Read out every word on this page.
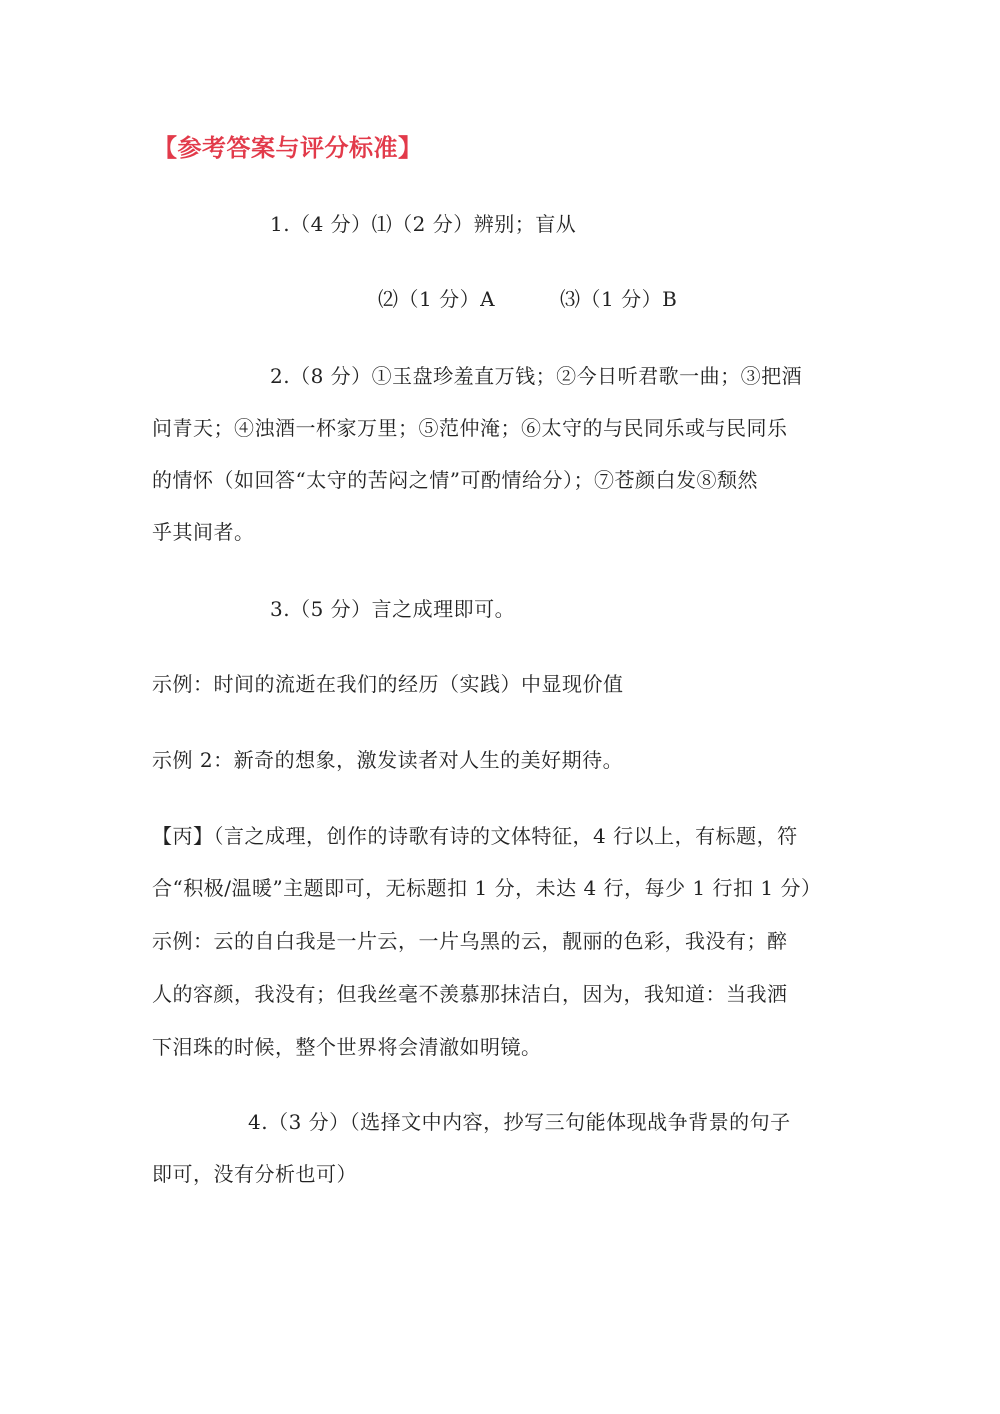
【参考答案与评分标准】
1.（4 分）⑴（2 分）辨别；盲从
⑵（1 分）A	⑶（1 分）B
2.（8 分）①玉盘珍羞直万钱；②今日听君歌一曲；③把酒
问青天；④浊酒一杯家万里；⑤范仲淹；⑥太守的与民同乐或与民同乐
的情怀（如回答“太守的苦闷之情”可酌情给分）；⑦苍颜白发⑧颓然
乎其间者。
3.（5 分）言之成理即可。
示例：时间的流逝在我们的经历（实践）中显现价值
示例 2：新奇的想象，激发读者对人生的美好期待。
【丙】（言之成理，创作的诗歌有诗的文体特征，4 行以上，有标题，符
合“积极/温暖”主题即可，无标题扣 1 分，未达 4 行，每少 1 行扣 1 分）
示例：云的自白我是一片云，一片乌黑的云，靓丽的色彩，我没有；醉
人的容颜，我没有；但我丝毫不羡慕那抹洁白，因为，我知道：当我洒
下泪珠的时候，整个世界将会清澈如明镜。
4.（3 分）（选择文中内容，抄写三句能体现战争背景的句子
即可，没有分析也可）
